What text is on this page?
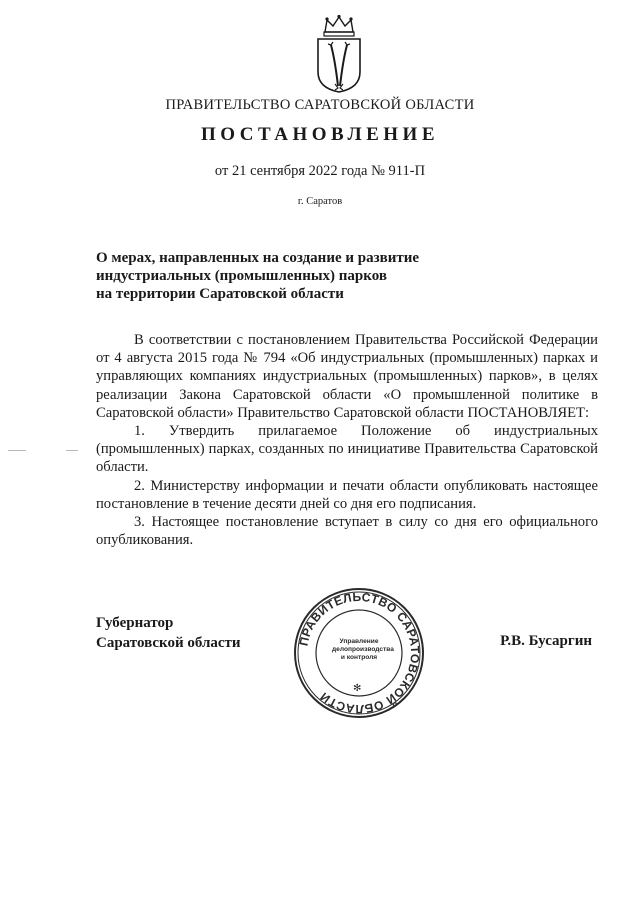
ПРАВИТЕЛЬСТВО САРАТОВСКОЙ ОБЛАСТИ
ПОСТАНОВЛЕНИЕ
от 21 сентября 2022 года № 911-П
г. Саратов
О мерах, направленных на создание и развитие
индустриальных (промышленных) парков
на территории Саратовской области

В соответствии с постановлением Правительства Российской Федерации от 4 августа 2015 года № 794 «Об индустриальных (промышленных) парках и управляющих компаниях индустриальных (промышленных) парков», в целях реализации Закона Саратовской области «О промышленной политике в Саратовской области» Правительство Саратовской области ПОСТАНОВЛЯЕТ:

1. Утвердить прилагаемое Положение об индустриальных (промышленных) парках, созданных по инициативе Правительства Саратовской области.

2. Министерству информации и печати области опубликовать настоящее постановление в течение десяти дней со дня его подписания.

3. Настоящее постановление вступает в силу со дня его официального опубликования.

Губернатор
Саратовской области	ПРАВИТЕЛЬСТВО САРАТОВСКОЙ ОБЛАСТИ
Управление
делопроизводства
и контроля
✻
Р.В. Бусаргин
